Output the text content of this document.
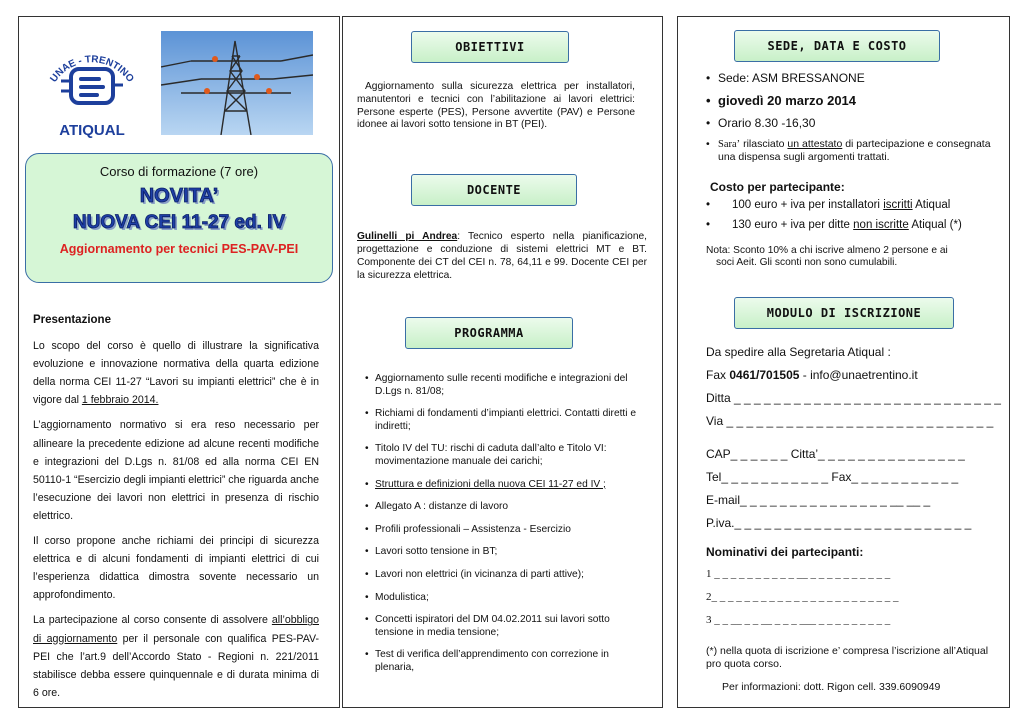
UNAE - TRENTINO
ATIQUAL
Corso di formazione (7 ore)
NOVITA’
NUOVA CEI 11-27 ed. IV
Aggiornamento per tecnici PES-PAV-PEI
Presentazione

Lo scopo del corso è quello di illustrare la significativa evoluzione e innovazione normativa della quarta edizione della norma CEI 11-27 “Lavori su impianti elettrici” che è in vigore dal 1 febbraio 2014.

L’aggiornamento normativo si era reso necessario per allineare la precedente edizione ad alcune recenti modifiche e integrazioni del D.Lgs n. 81/08 ed alla norma CEI EN 50110-1 “Esercizio degli impianti elettrici” che riguarda anche l’esecuzione dei lavori non elettrici in presenza di rischio elettrico.

Il corso propone anche richiami dei principi di sicurezza elettrica e di alcuni fondamenti di impianti elettrici di cui l’esperienza didattica dimostra sovente necessario un approfondimento.

La partecipazione al corso consente di assolvere all’obbligo di aggiornamento per il personale con qualifica PES-PAV-PEI che l’art.9 dell’Accordo Stato - Regioni n. 221/2011 stabilisce debba essere quinquennale e di durata minima di 6 ore.

OBIETTIVI
Aggiornamento sulla sicurezza elettrica per installatori, manutentori e tecnici con l’abilitazione ai lavori elettrici: Persone esperte (PES), Persone avvertite (PAV) e Persone idonee ai lavori sotto tensione in BT (PEI).
DOCENTE
Gulinelli pi Andrea: Tecnico esperto nella pianificazione, progettazione e conduzione di sistemi elettrici MT e BT. Componente dei CT del CEI n. 78, 64,11 e 99. Docente CEI per la sicurezza elettrica.
PROGRAMMA
• Aggiornamento sulle recenti modifiche e integrazioni del D.Lgs n. 81/08;
• Richiami di fondamenti d’impianti elettrici. Contatti diretti e indiretti;
• Titolo IV del TU: rischi di caduta dall’alto e Titolo VI: movimentazione manuale dei carichi;
• Struttura e definizioni della nuova CEI 11-27 ed IV ;
• Allegato A : distanze di lavoro
• Profili professionali – Assistenza - Esercizio
• Lavori sotto tensione in BT;
• Lavori non elettrici (in vicinanza di parti attive);
• Modulistica;
• Concetti ispiratori del DM 04.02.2011 sui lavori sotto tensione in media tensione;
• Test di verifica dell’apprendimento con correzione in plenaria,
SEDE, DATA E COSTO
• Sede: ASM BRESSANONE
• giovedì 20 marzo 2014
• Orario 8.30 -16,30
• Sara’ rilasciato un attestato di partecipazione e consegnata una dispensa sugli argomenti trattati.
Costo per partecipante:
• 100 euro + iva per installatori iscritti Atiqual
• 130 euro + iva per ditte non iscritte Atiqual (*)
Nota: Sconto 10% a chi iscrive almeno 2 persone e ai
soci Aeit. Gli sconti non sono cumulabili.
MODULO DI ISCRIZIONE
Da spedire alla Segretaria Atiqual :
Fax 0461/701505 - info@unaetrentino.it
Ditta _ _ _ _ _ _ _ _ _ _ _ _ _ _ _ _ _ _ _ _ _ _ _ _ _ _ _
Via _ _ _ _ _ _ _ _ _ _ _ _ _ _ _ _ _ _ _ _ _ _ _ _ _ _ _
CAP_ _ _ _ _ _ Citta’_ _ _ _ _ _ _ _ _ _ _ _ _ _ _
Tel_ _ _ _ _ _ _ _ _ _ _ Fax_ _ _ _ _ _ _ _ _ _ _
E-mail_ _ _ _ _ _ _ _ _ _ _ _ _ _ _ __ __ _
P.iva._ _ _ _ _ _ _ _ _ _ _ _ _ _ _ _ _ _ _ _ _ _ _ _
Nominativi dei partecipanti:
1 _ _ _ _ _ _ _ _ _ _ __ _ _ _ _ _ _ _ _ _ _
2_ _ _ _ _ _ _ _ _ _ _ _ _ _ _ _ _ _ _ _ _ _ _
3 _ _ __ _ _ __ _ _ _ ___ _ _ _ _ _ _ _ _ _
(*) nella quota di iscrizione e’ compresa l’iscrizione all’Atiqual pro quota corso.
Per informazioni: dott. Rigon cell. 339.6090949
